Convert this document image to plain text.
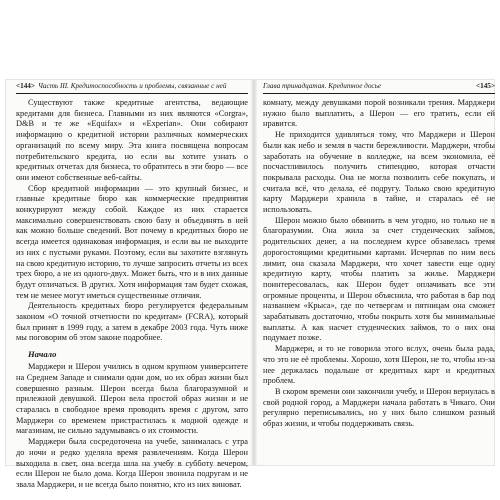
<144> Часть III. Кредитоспособность и проблемы, связанные с ней

Существуют также кредитные агентства, ведающие кредитами для бизнеса. Главными из них являются «Corgra», D&B и те же «Equifax» и «Experian». Они собирают информацию о кредитной истории различных коммерческих организаций по всему миру. Эта книга посвящена вопросам потребительского кредита, но если вы хотите узнать о кредитных отчетах для бизнеса, то обратитесь в эти бюро — все они имеют собственные веб-сайты.

Сбор кредитной информации — это крупный бизнес, и главные кредитные бюро как коммерческие предприятия конкурируют между собой. Каждое из них старается максимально совершенствовать свою базу и объединять в ней как можно больше сведений. Вот почему в кредитных бюро не всегда имеется одинаковая информация, и если вы не выходите из них с пустыми руками. Поэтому, если вы захотите взглянуть на свою кредитную историю, то лучше запросить отчеты из всех трех бюро, а не из одного-двух. Может быть, что и в них данные будут отличаться. В других. Хотя информация там будет схожая, тем не менее могут иметься существенные отличия.

Деятельность кредитных бюро регулируется федеральным законом «О точной отчетности по кредитам» (FCRA), который был принят в 1999 году, а затем в декабре 2003 года. Чуть ниже мы поговорим об этом законе подробнее.

Начало

Марджери и Шерон учились в одном крупном университете на Среднем Западе и снимали одни дом, но их образ жизни был совершенно разным. Шерон всегда была благоразумной и прилежной девушкой. Шерон вела простой образ жизни и не старалась в свободное время проводить время с другом, зато Марджери со временем пристрастилась к модной одежде и магазинам, не сильно задумываясь о их стоимости.

Марджери была сосредоточена на учебе, занималась с утра до ночи и редко уделяла время развлечениям. Когда Шерон выходила в свет, она всегда шла на учебу в субботу вечером, если Шерон не было дома. Когда Шерон звонила подругам и не звала Марджери, и не всегда было понятно, кто из них виноват.

Глава тринадцатая. Кредитное досье	<145>

комнату, между девушками порой возникали трения. Марджери нужно было выплатить, а Шерон — его тратить, если ей нравится.

Не приходится удивляться тому, что Марджери и Шерон были как небо и земля в части бережливости. Марджери, чтобы заработать на обучение в колледже, на всем экономила, её посчастливилось получить стипендию, которая отчасти покрывала расходы. Она не могла позволить себе покупать, и считала всё, что делала, её подругу. Только свою кредитную карту Марджери хранила в тайне, и старалась её не использовать.

Шерон можно было обвинить в чем угодно, но только не в благоразумии. Она жила за счет студенческих займов, родительских денег, а на последнем курсе обзавелась тремя дорогостоящими кредитными картами. Исчерпав по ним весь лимит, она сказала Марджери, что хочет завести еще одну кредитную карту, чтобы платить за жилье. Марджери поинтересовалась, как Шерон будет оплачивать все эти огромные проценты, и Шерон объяснила, что работая в бар под названием «Крыса», где по четвергам и пятницам она сможет зарабатывать достаточно, чтобы покрыть хотя бы минимальные выплаты. А как насчет студенческих займов, то о них она подумает позже.

Марджери, и то не говорила этого вслух, очень была рада, что это не её проблемы. Хорошо, хотя Шерон, не то, чтобы из-за нее держалась подальше от кредитных карт и кредитных проблем.

В скором времени они закончили учебу, и Шерон вернулась в свой родной город, а Марджери начала работать в Чикаго. Они регулярно переписывались, но у них было слишком разный образ жизни, и чтобы поддерживать связь.
